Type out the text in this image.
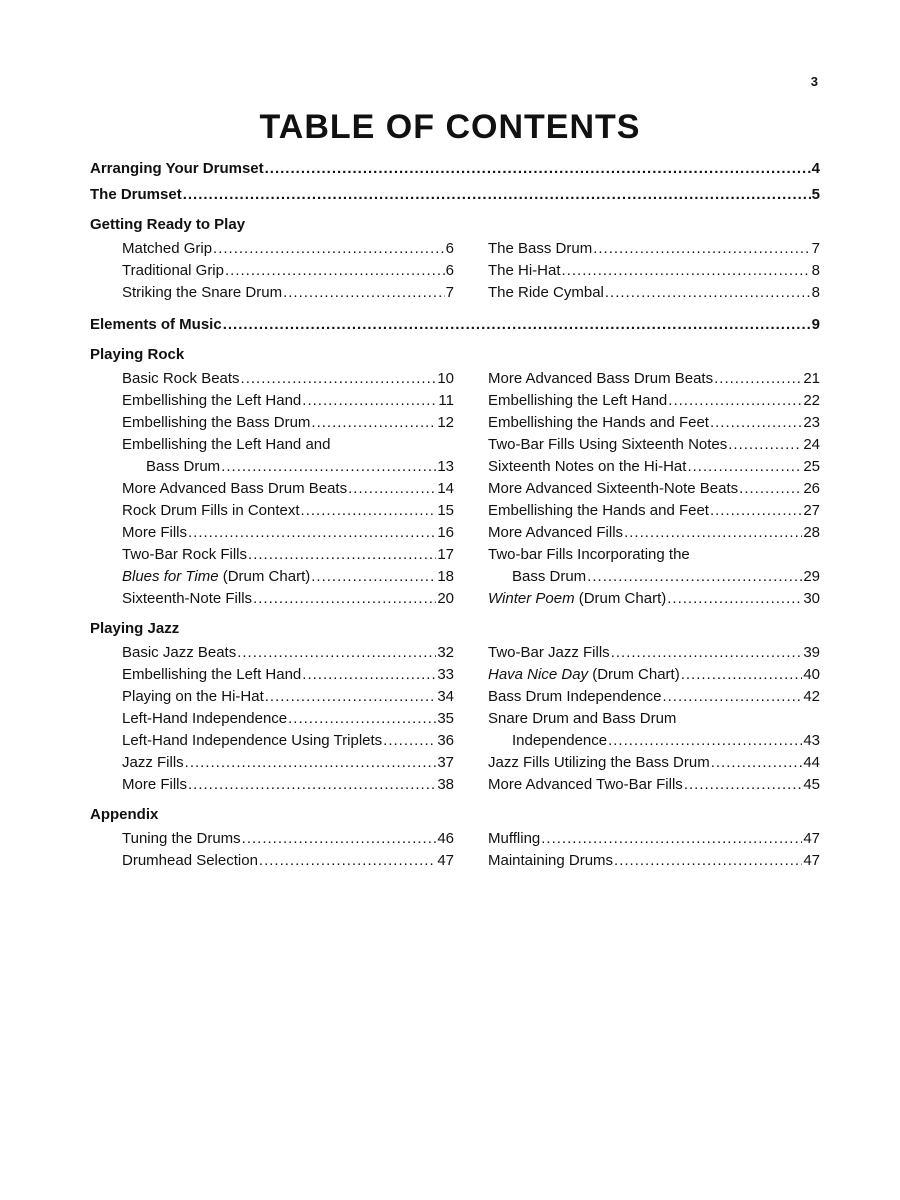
3
TABLE OF CONTENTS
Arranging Your Drumset .....	4
The Drumset .....	5
Getting Ready to Play
Matched Grip .....	6
Traditional Grip .....	6
Striking the Snare Drum .....	7
The Bass Drum .....	7
The Hi-Hat .....	8
The Ride Cymbal .....	8
Elements of Music .....	9
Playing Rock
Basic Rock Beats .....	10
Embellishing the Left Hand .....	11
Embellishing the Bass Drum .....	12
Embellishing the Left Hand and
Bass Drum .....	13
More Advanced Bass Drum Beats .....	14
Rock Drum Fills in Context .....	15
More Fills .....	16
Two-Bar Rock Fills .....	17
Blues for Time (Drum Chart) .....	18
Sixteenth-Note Fills .....	20
More Advanced Bass Drum Beats .....	21
Embellishing the Left Hand .....	22
Embellishing the Hands and Feet .....	23
Two-Bar Fills Using Sixteenth Notes .....	24
Sixteenth Notes on the Hi-Hat .....	25
More Advanced Sixteenth-Note Beats .....	26
Embellishing the Hands and Feet .....	27
More Advanced Fills .....	28
Two-bar Fills Incorporating the
Bass Drum .....	29
Winter Poem (Drum Chart) .....	30
Playing Jazz
Basic Jazz Beats .....	32
Embellishing the Left Hand .....	33
Playing on the Hi-Hat .....	34
Left-Hand Independence .....	35
Left-Hand Independence Using Triplets .....	36
Jazz Fills .....	37
More Fills .....	38
Two-Bar Jazz Fills .....	39
Hava Nice Day (Drum Chart) .....	40
Bass Drum Independence .....	42
Snare Drum and Bass Drum
Independence .....	43
Jazz Fills Utilizing the Bass Drum .....	44
More Advanced Two-Bar Fills .....	45
Appendix
Tuning the Drums .....	46
Drumhead Selection .....	47
Muffling .....	47
Maintaining Drums .....	47
